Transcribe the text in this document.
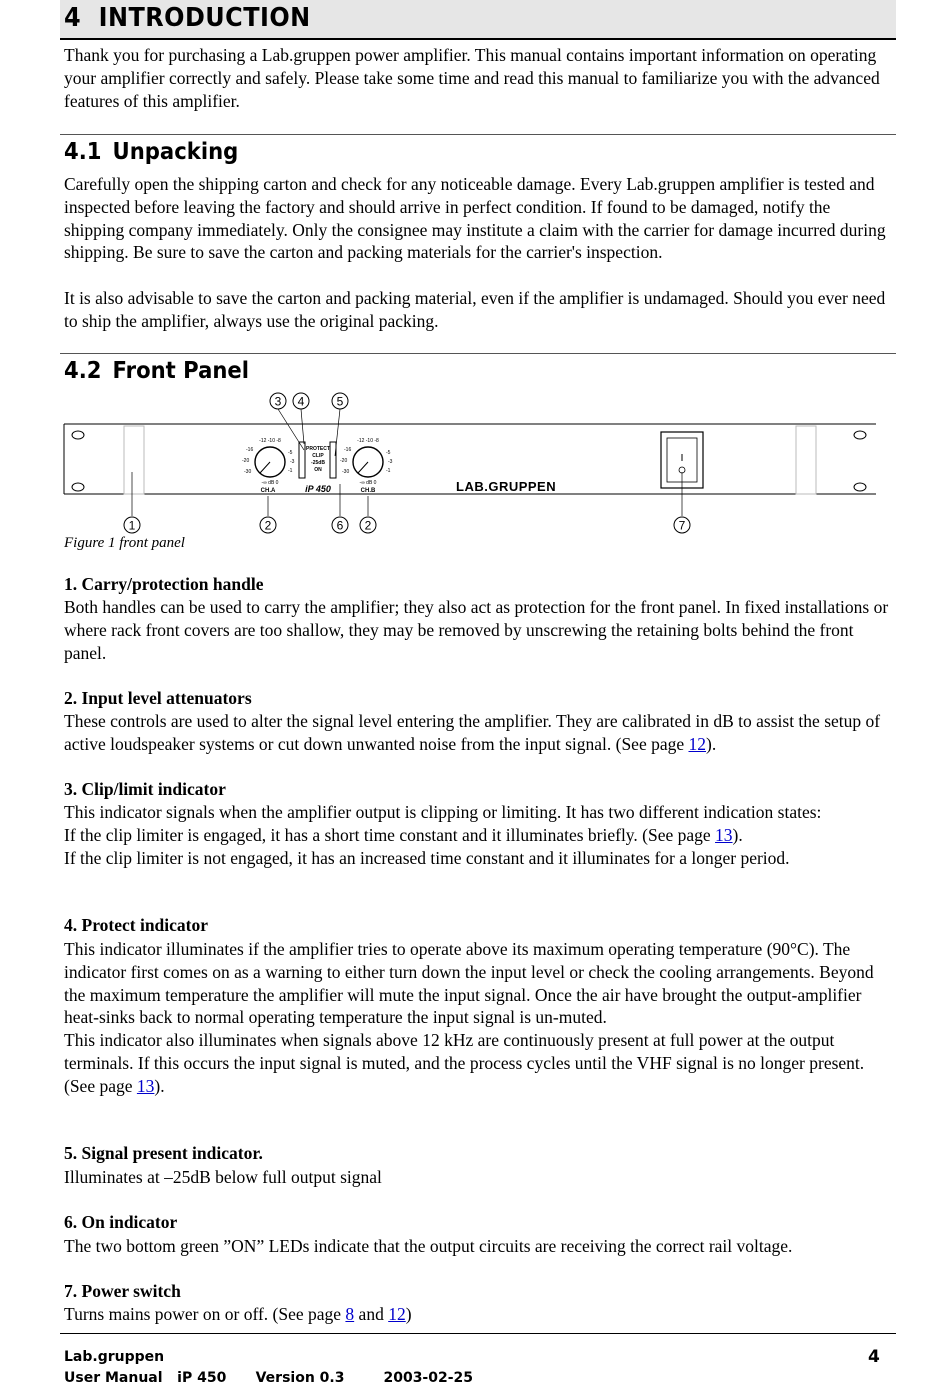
4 INTRODUCTION

Thank you for purchasing a Lab.gruppen power amplifier. This manual contains important information on operating your amplifier correctly and safely. Please take some time and read this manual to familiarize you with the advanced features of this amplifier.

4.1 Unpacking

Carefully open the shipping carton and check for any noticeable damage. Every Lab.gruppen amplifier is tested and inspected before leaving the factory and should arrive in perfect condition. If found to be damaged, notify the shipping company immediately. Only the consignee may institute a claim with the carrier for damage incurred during shipping. Be sure to save the carton and packing materials for the carrier's inspection.

It is also advisable to save the carton and packing material, even if the amplifier is undamaged. Should you ever need to ship the amplifier, always use the original packing.

4.2 Front Panel
3 4	5
-12 -10 -8
-16
-20
-30
-5
-3
-1
-∞ dB 0
CH.A
PROTECT
CLIP
-25dB
ON
iP 450
-12 -10 -8
-16
-20
-30
-5
-3
-1
-∞ dB 0
CH.B	LAB.GRUPPEN
1	2	6 2	7

Figure 1 front panel

1. Carry/protection handle

Both handles can be used to carry the amplifier; they also act as protection for the front panel. In fixed installations or where rack front covers are too shallow, they may be removed by unscrewing the retaining bolts behind the front panel.

2. Input level attenuators

These controls are used to alter the signal level entering the amplifier. They are calibrated in dB to assist the setup of active loudspeaker systems or cut down unwanted noise from the input signal. (See page 12).

3. Clip/limit indicator

This indicator signals when the amplifier output is clipping or limiting. It has two different indication states:
If the clip limiter is engaged, it has a short time constant and it illuminates briefly. (See page 13).
If the clip limiter is not engaged, it has an increased time constant and it illuminates for a longer period.

4. Protect indicator

This indicator illuminates if the amplifier tries to operate above its maximum operating temperature (90°C). The indicator first comes on as a warning to either turn down the input level or check the cooling arrangements. Beyond the maximum temperature the amplifier will mute the input signal. Once the air have brought the output-amplifier heat-sinks back to normal operating temperature the input signal is un-muted.
This indicator also illuminates when signals above 12 kHz are continuously present at full power at the output terminals. If this occurs the input signal is muted, and the process cycles until the VHF signal is no longer present. (See page 13).

5. Signal present indicator.

Illuminates at –25dB below full output signal

6. On indicator

The two bottom green ”ON” LEDs indicate that the output circuits are receiving the correct rail voltage.

7. Power switch

Turns mains power on or off. (See page 8 and 12)

Lab.gruppen
User Manual iP 450 Version 0.3	2003-02-25
4
